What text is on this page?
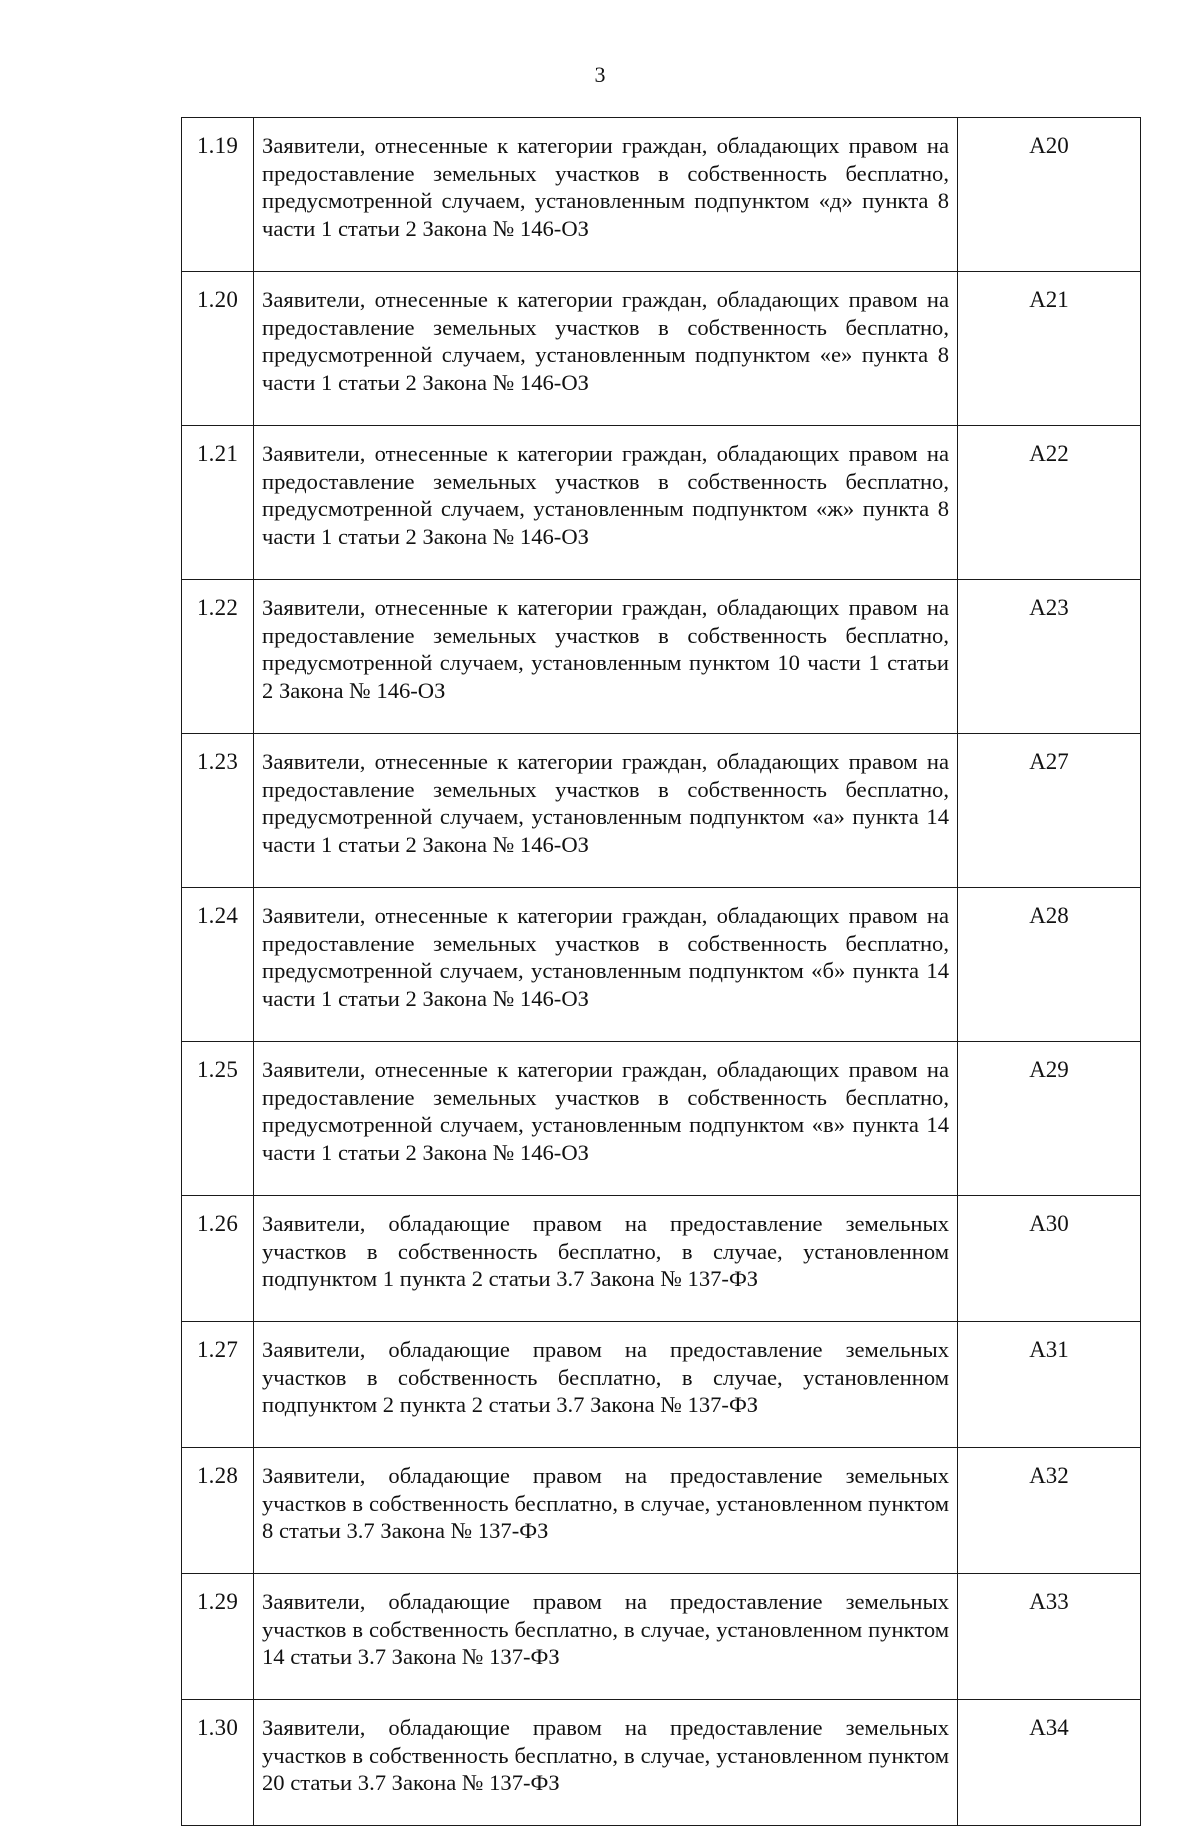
3
1.19	Заявители, отнесенные к категории граждан, обладающих правом на предоставление земельных участков в собственность бесплатно, предусмотренной случаем, установленным подпунктом «д» пункта 8 части 1 статьи 2 Закона № 146-ОЗ	А20
1.20	Заявители, отнесенные к категории граждан, обладающих правом на предоставление земельных участков в собственность бесплатно, предусмотренной случаем, установленным подпунктом «е» пункта 8 части 1 статьи 2 Закона № 146-ОЗ	А21
1.21	Заявители, отнесенные к категории граждан, обладающих правом на предоставление земельных участков в собственность бесплатно, предусмотренной случаем, установленным подпунктом «ж» пункта 8 части 1 статьи 2 Закона № 146-ОЗ	А22
1.22	Заявители, отнесенные к категории граждан, обладающих правом на предоставление земельных участков в собственность бесплатно, предусмотренной случаем, установленным пунктом 10 части 1 статьи 2 Закона № 146-ОЗ	А23
1.23	Заявители, отнесенные к категории граждан, обладающих правом на предоставление земельных участков в собственность бесплатно, предусмотренной случаем, установленным подпунктом «а» пункта 14 части 1 статьи 2 Закона № 146-ОЗ	А27
1.24	Заявители, отнесенные к категории граждан, обладающих правом на предоставление земельных участков в собственность бесплатно, предусмотренной случаем, установленным подпунктом «б» пункта 14 части 1 статьи 2 Закона № 146-ОЗ	А28
1.25	Заявители, отнесенные к категории граждан, обладающих правом на предоставление земельных участков в собственность бесплатно, предусмотренной случаем, установленным подпунктом «в» пункта 14 части 1 статьи 2 Закона № 146-ОЗ	А29
1.26	Заявители, обладающие правом на предоставление земельных участков в собственность бесплатно, в случае, установленном подпунктом 1 пункта 2 статьи 3.7 Закона № 137-ФЗ	А30
1.27	Заявители, обладающие правом на предоставление земельных участков в собственность бесплатно, в случае, установленном подпунктом 2 пункта 2 статьи 3.7 Закона № 137-ФЗ	А31
1.28	Заявители, обладающие правом на предоставление земельных участков в собственность бесплатно, в случае, установленном пунктом 8 статьи 3.7 Закона № 137-ФЗ	А32
1.29	Заявители, обладающие правом на предоставление земельных участков в собственность бесплатно, в случае, установленном пунктом 14 статьи 3.7 Закона № 137-ФЗ	А33
1.30	Заявители, обладающие правом на предоставление земельных участков в собственность бесплатно, в случае, установленном пунктом 20 статьи 3.7 Закона № 137-ФЗ	А34
